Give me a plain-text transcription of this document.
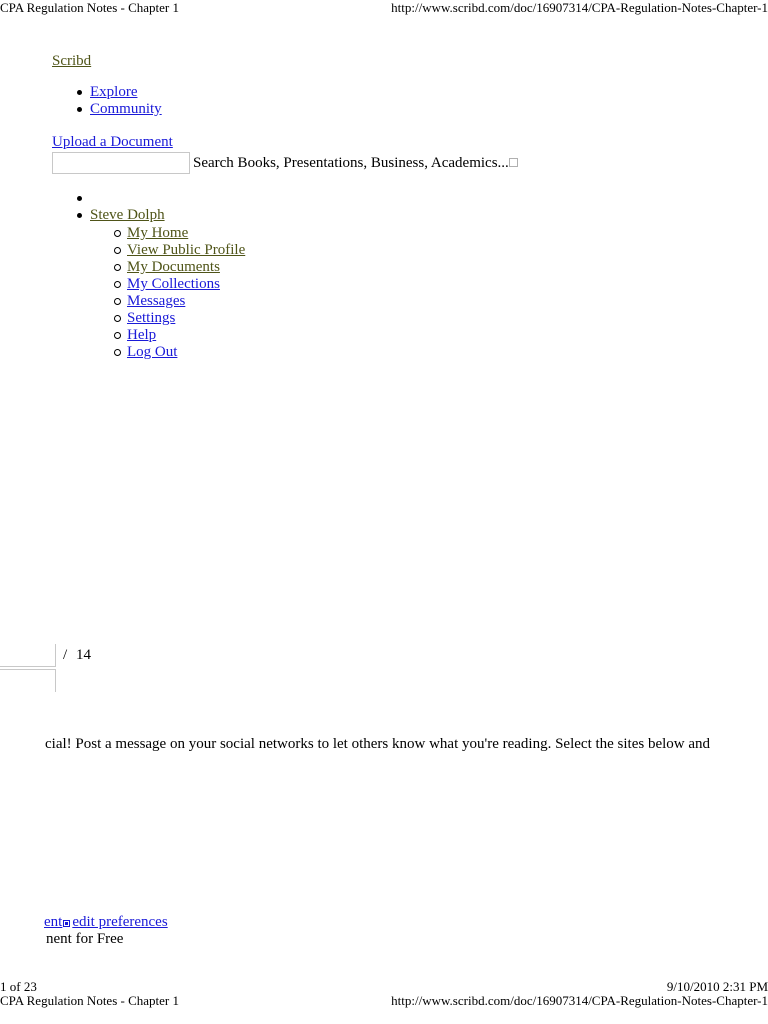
CPA Regulation Notes - Chapter 1	http://www.scribd.com/doc/16907314/CPA-Regulation-Notes-Chapter-1
Scribd
Explore
Community
Upload a Document
Search Books, Presentations, Business, Academics...
Steve Dolph
My Home
View Public Profile
My Documents
My Collections
Messages
Settings
Help
Log Out
/ 14
cial! Post a message on your social networks to let others know what you're reading. Select the sites below and
ent edit preferences
nent for Free
1 of 23	9/10/2010 2:31 PM
CPA Regulation Notes - Chapter 1	http://www.scribd.com/doc/16907314/CPA-Regulation-Notes-Chapter-1
